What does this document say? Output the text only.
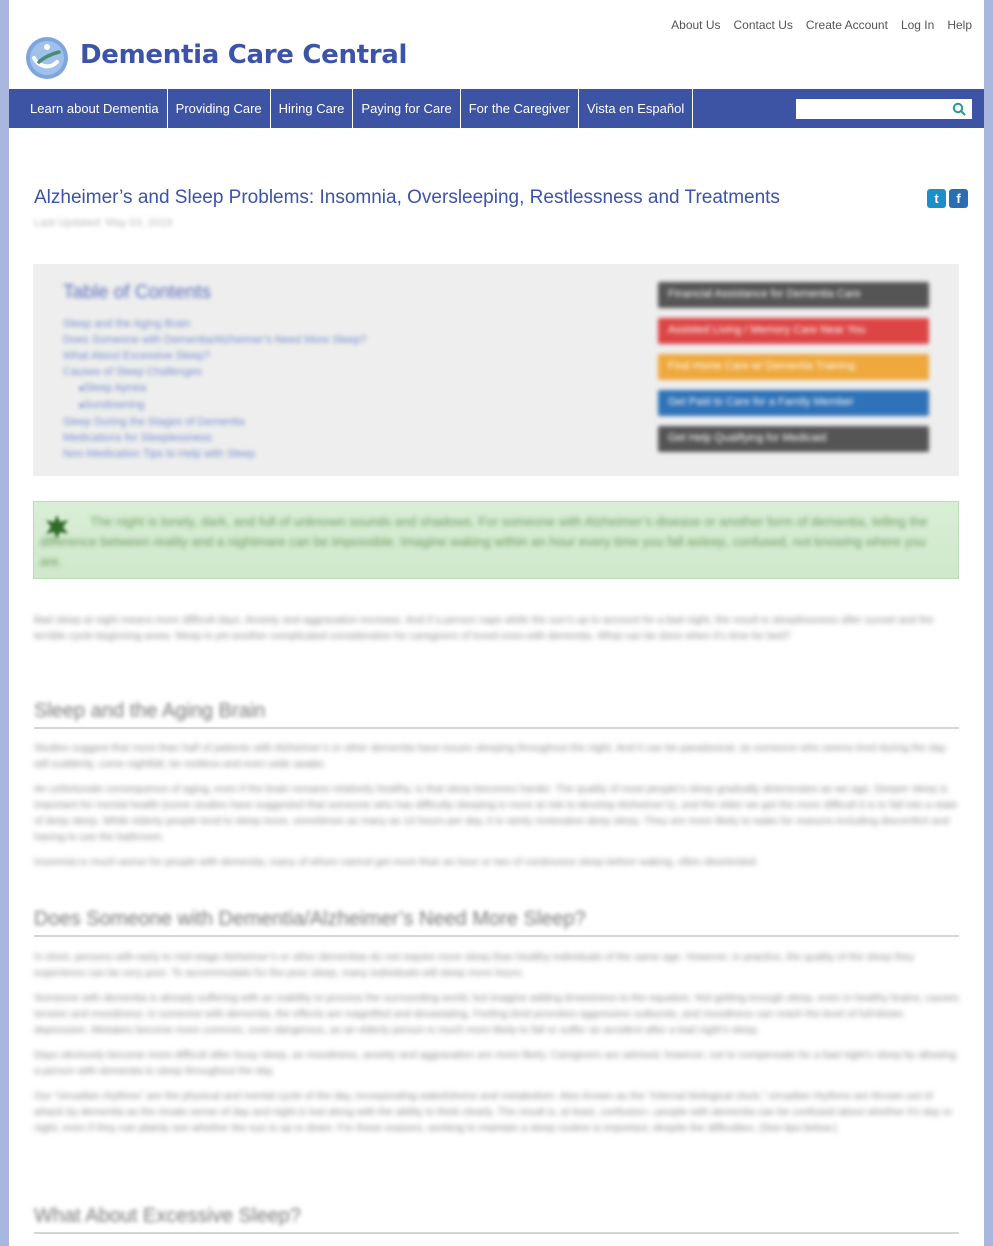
Dementia Care Central
About Us Contact Us Create Account Log In Help
Learn about Dementia	Providing Care	Hiring Care	Paying for Care	For the Caregiver	Vista en Español
Alzheimer’s and Sleep Problems: Insomnia, Oversleeping, Restlessness and Treatments
Last Updated: May 03, 2019
t	f
Table of Contents
Sleep and the Aging Brain
Does Someone with Dementia/Alzheimer’s Need More Sleep?
What About Excessive Sleep?
Causes of Sleep Challenges
■ Sleep Apnea
■ Sundowning
Sleep During the Stages of Dementia
Medications for Sleeplessness
Non-Medication Tips to Help with Sleep
Financial Assistance for Dementia Care
Assisted Living / Memory Care Near You
Find Home Care w/ Dementia Training
Get Paid to Care for a Family Member
Get Help Qualifying for Medicaid

The night is lonely, dark, and full of unknown sounds and shadows. For someone with Alzheimer’s disease or another form of dementia, telling the difference between reality and a nightmare can be impossible. Imagine waking within an hour every time you fall asleep, confused, not knowing where you are.

Bad sleep at night means more difficult days. Anxiety and aggravation increase. And if a person naps while the sun’s up to account for a bad night, the result is sleeplessness after sunset and the terrible cycle beginning anew. Sleep is yet another complicated consideration for caregivers of loved ones with dementia. What can be done when it’s time for bed?

Sleep and the Aging Brain

Studies suggest that more than half of patients with Alzheimer’s or other dementia have issues sleeping throughout the night. And it can be paradoxical, as someone who seems tired during the day will suddenly, come nightfall, be restless and even wide awake.

An unfortunate consequence of aging, even if the brain remains relatively healthy, is that sleep becomes harder. The quality of most people’s sleep gradually deteriorates as we age. Deeper sleep is important for mental health (some studies have suggested that someone who has difficulty sleeping is more at risk to develop Alzheimer’s), and the older we get the more difficult it is to fall into a state of deep sleep. While elderly people tend to sleep more, sometimes as many as 14 hours per day, it is rarely restorative deep sleep. They are more likely to wake for reasons including discomfort and having to use the bathroom.

Insomnia is much worse for people with dementia, many of whom cannot get more than an hour or two of continuous sleep before waking, often disoriented.

Does Someone with Dementia/Alzheimer’s Need More Sleep?

In short, persons with early to mid-stage Alzheimer’s or other dementias do not require more sleep than healthy individuals of the same age. However, in practice, the quality of the sleep they experience can be very poor. To accommodate for the poor sleep, many individuals will sleep more hours.

Someone with dementia is already suffering with an inability to process the surrounding world, but imagine adding drowsiness to the equation. Not getting enough sleep, even in healthy brains, causes tension and moodiness; in someone with dementia, the effects are magnified and devastating. Feeling tired provokes aggressive outbursts, and moodiness can reach the level of full-blown depression. Mistakes become more common, even dangerous, as an elderly person is much more likely to fall or suffer an accident after a bad night’s sleep.

Days obviously become more difficult after lousy sleep, as moodiness, anxiety and aggravation are more likely. Caregivers are advised, however, not to compensate for a bad night’s sleep by allowing a person with dementia to sleep throughout the day.

Our “circadian rhythms” are the physical and mental cycle of the day, incorporating wakefulness and metabolism. Also known as the “internal biological clock,” circadian rhythms are thrown out of whack by dementia as the innate sense of day and night is lost along with the ability to think clearly. The result is, at least, confusion—people with dementia can be confused about whether it’s day or night, even if they can plainly see whether the sun is up or down. For these reasons, working to maintain a sleep routine is important, despite the difficulties. (See tips below.)

What About Excessive Sleep?
